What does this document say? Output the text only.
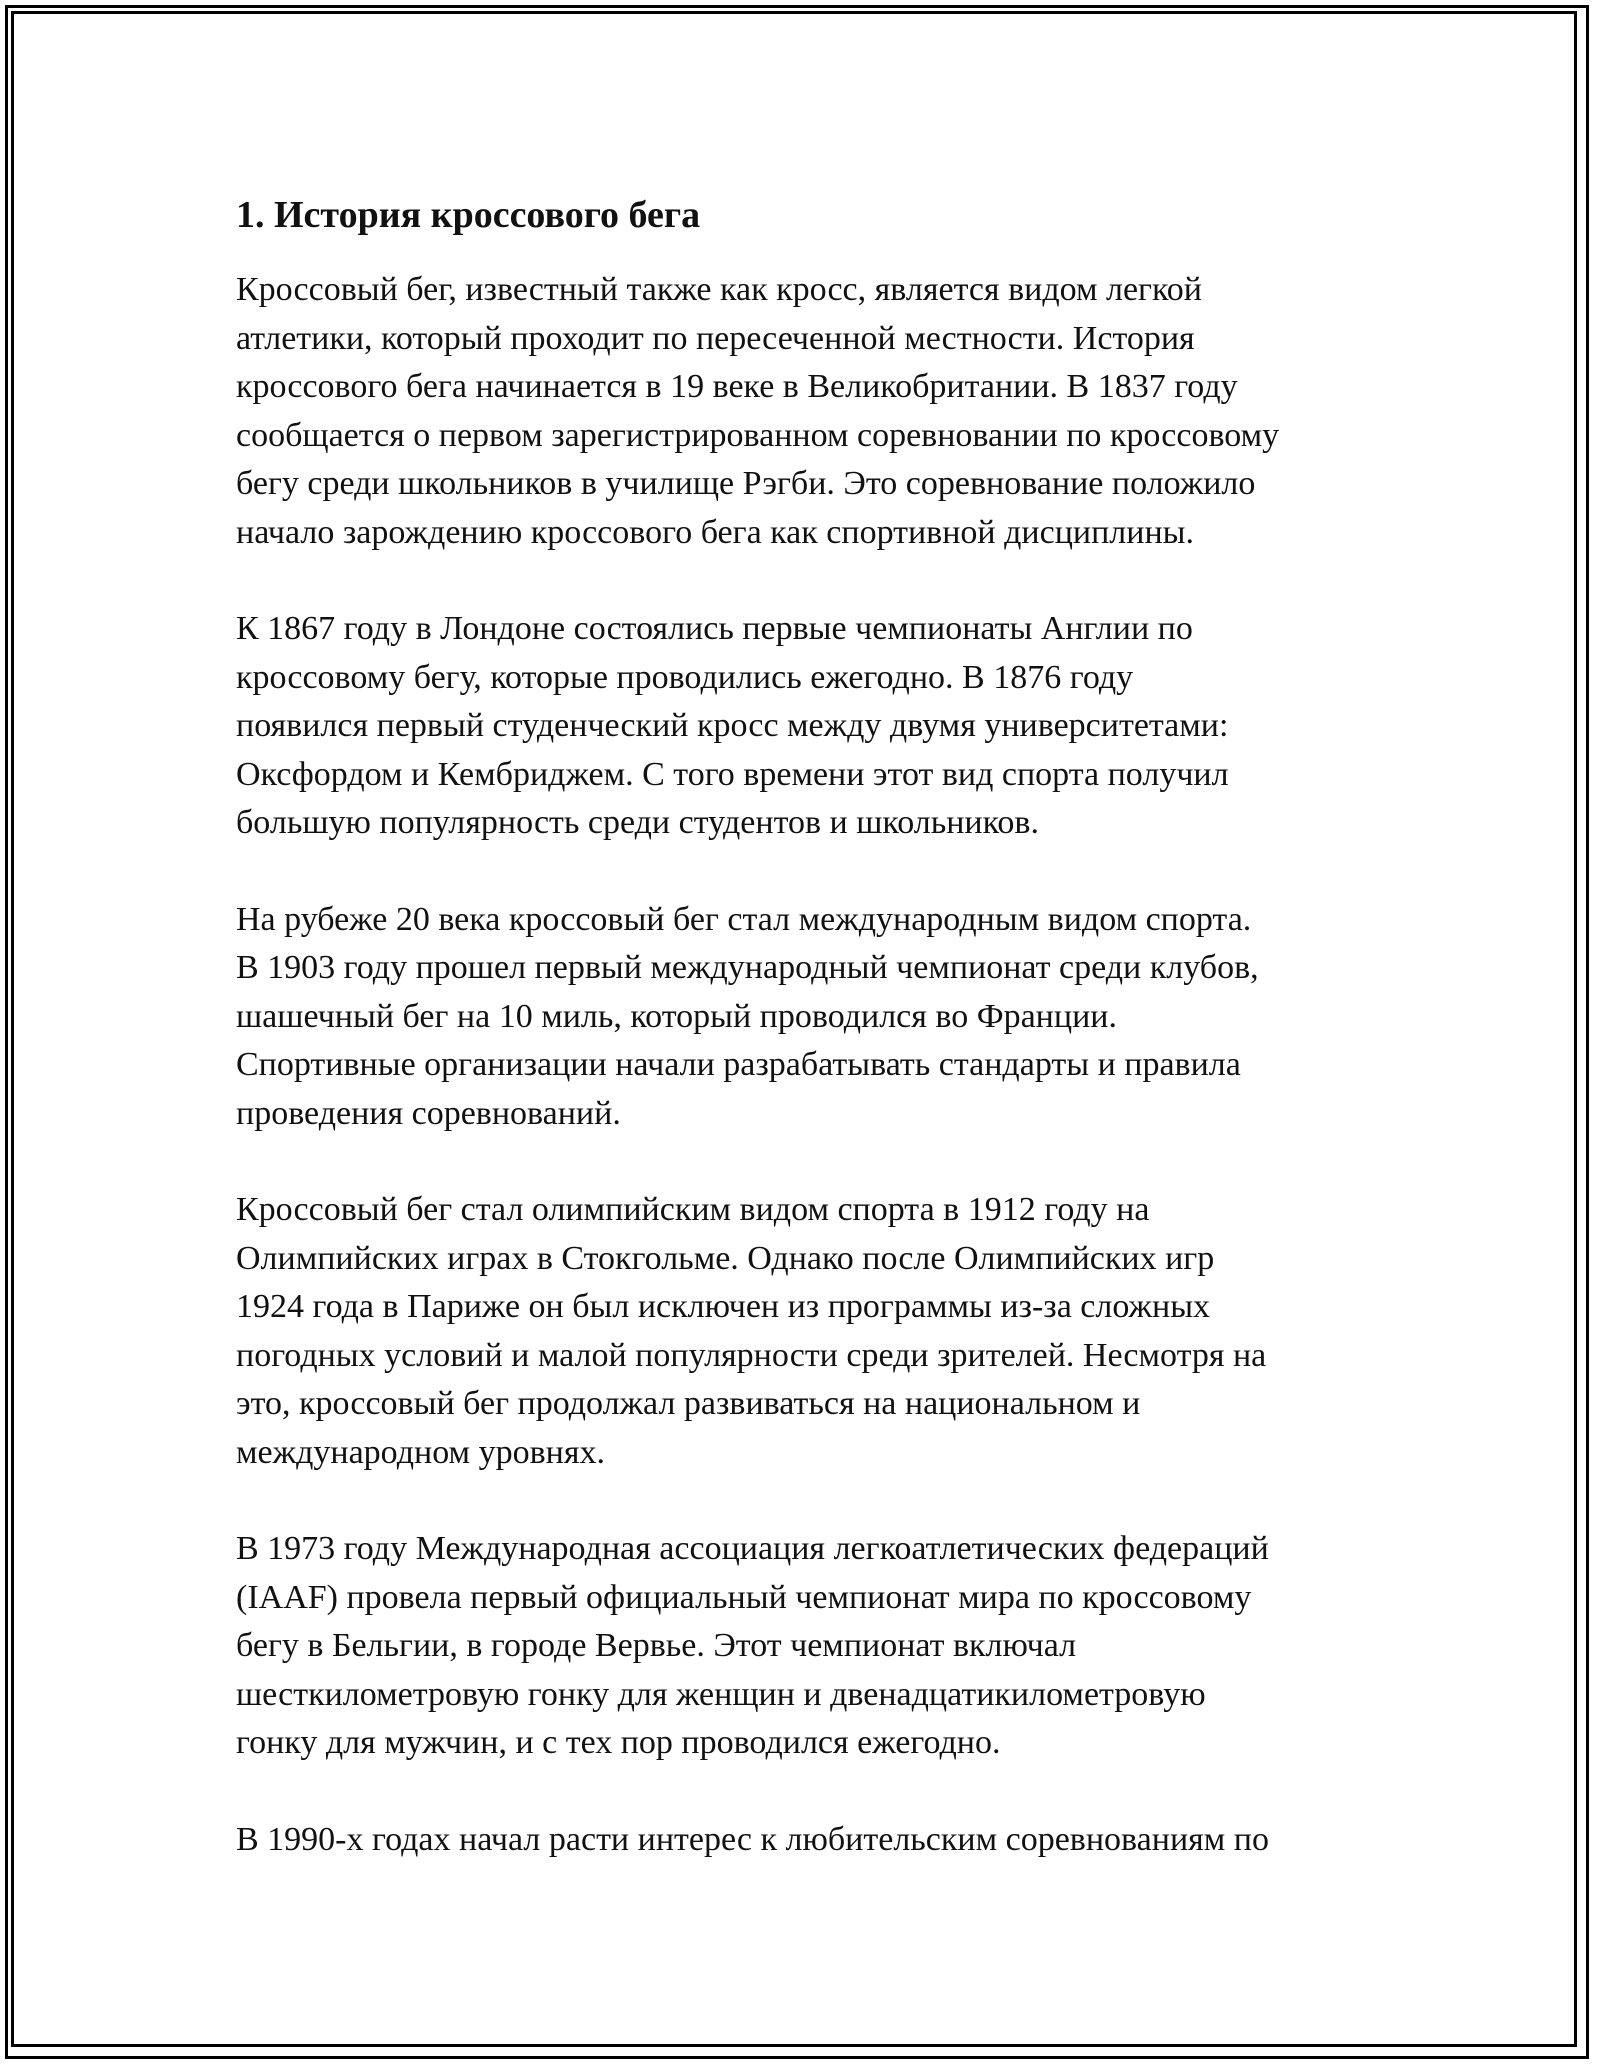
1. История кроссового бега

Кроссовый бег, известный также как кросс, является видом легкой
атлетики, который проходит по пересеченной местности. История
кроссового бега начинается в 19 веке в Великобритании. В 1837 году
сообщается о первом зарегистрированном соревновании по кроссовому
бегу среди школьников в училище Рэгби. Это соревнование положило
начало зарождению кроссового бега как спортивной дисциплины.

К 1867 году в Лондоне состоялись первые чемпионаты Англии по
кроссовому бегу, которые проводились ежегодно. В 1876 году
появился первый студенческий кросс между двумя университетами:
Оксфордом и Кембриджем. С того времени этот вид спорта получил
большую популярность среди студентов и школьников.

На рубеже 20 века кроссовый бег стал международным видом спорта.
В 1903 году прошел первый международный чемпионат среди клубов,
шашечный бег на 10 миль, который проводился во Франции.
Спортивные организации начали разрабатывать стандарты и правила
проведения соревнований.

Кроссовый бег стал олимпийским видом спорта в 1912 году на
Олимпийских играх в Стокгольме. Однако после Олимпийских игр
1924 года в Париже он был исключен из программы из-за сложных
погодных условий и малой популярности среди зрителей. Несмотря на
это, кроссовый бег продолжал развиваться на национальном и
международном уровнях.

В 1973 году Международная ассоциация легкоатлетических федераций
(IAAF) провела первый официальный чемпионат мира по кроссовому
бегу в Бельгии, в городе Вервье. Этот чемпионат включал
шесткилометровую гонку для женщин и двенадцатикилометровую
гонку для мужчин, и с тех пор проводился ежегодно.

В 1990-х годах начал расти интерес к любительским соревнованиям по
